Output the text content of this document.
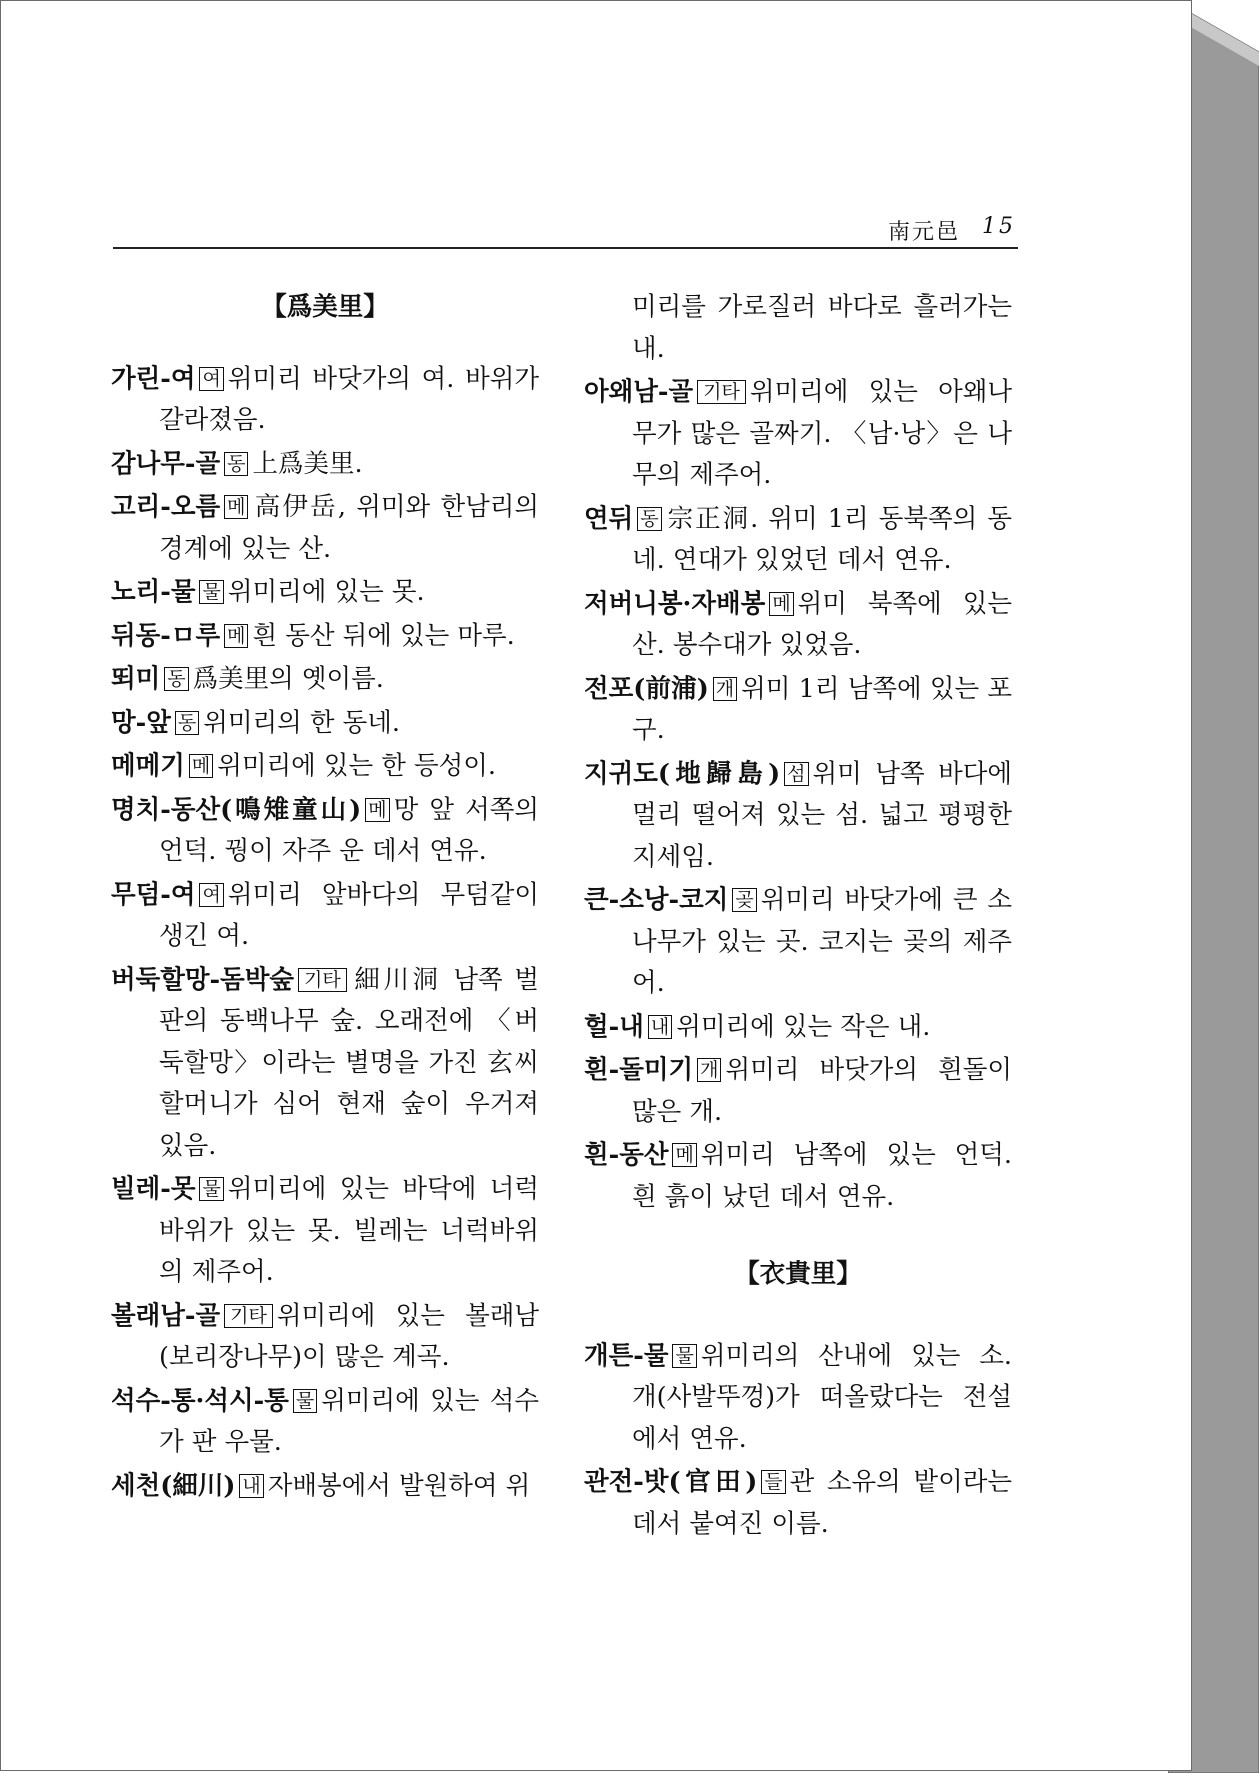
南元邑 15
【爲美里】

가린-여 여 위미리 바닷가의 여. 바위가 갈라졌음.

감나무-골 동 上爲美里.

고리-오름 메 高伊岳, 위미와 한남리의 경계에 있는 산.

노리-물 물 위미리에 있는 못.

뒤동-ㅁ루 메 흰 동산 뒤에 있는 마루.

뙤미 동 爲美里의 옛이름.

망-앞 동 위미리의 한 동네.

메메기 메 위미리에 있는 한 등성이.

명치-동산(鳴雉童山) 메 망 앞 서쪽의 언덕. 꿩이 자주 운 데서 연유.

무덤-여 여 위미리 앞바다의 무덤같이 생긴 여.

버둑할망-돔박숲 기타 細川洞 남쪽 벌판의 동백나무 숲. 오래전에 〈버둑할망〉이라는 별명을 가진 玄씨 할머니가 심어 현재 숲이 우거져 있음.

빌레-못 물 위미리에 있는 바닥에 너럭바위가 있는 못. 빌레는 너럭바위의 제주어.

볼래남-골 기타 위미리에 있는 볼래남(보리장나무)이 많은 계곡.

석수-통·석시-통 물 위미리에 있는 석수가 판 우물.

세천(細川) 내 자배봉에서 발원하여 위

미리를 가로질러 바다로 흘러가는 내.

아왜남-골 기타 위미리에 있는 아왜나무가 많은 골짜기. 〈남·낭〉은 나무의 제주어.

연뒤 동 宗正洞. 위미 1리 동북쪽의 동네. 연대가 있었던 데서 연유.

저버니봉·자배봉 메 위미 북쪽에 있는 산. 봉수대가 있었음.

전포(前浦) 개 위미 1리 남쪽에 있는 포구.

지귀도(地歸島) 섬 위미 남쪽 바다에 멀리 떨어져 있는 섬. 넓고 평평한 지세임.

큰-소낭-코지 곶 위미리 바닷가에 큰 소나무가 있는 곳. 코지는 곶의 제주어.

헐-내 내 위미리에 있는 작은 내.

흰-돌미기 개 위미리 바닷가의 흰돌이 많은 개.

흰-동산 메 위미리 남쪽에 있는 언덕. 흰 흙이 났던 데서 연유.

【衣貴里】

개튼-물 물 위미리의 산내에 있는 소. 개(사발뚜껑)가 떠올랐다는 전설에서 연유.

관전-밧(官田) 들 관 소유의 밭이라는 데서 붙여진 이름.
